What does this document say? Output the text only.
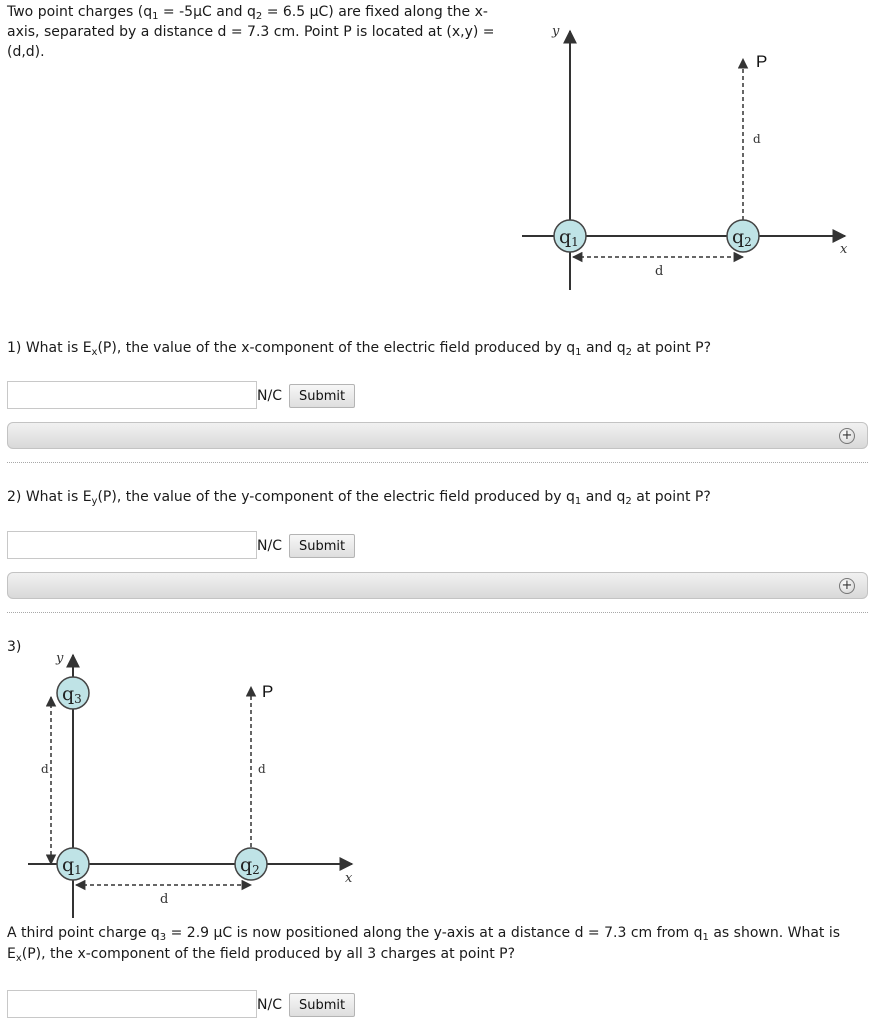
Two point charges ($q_1 = -5\mu C$ and $q_2 = 6.5$ μC) are fixed along the x-
axis, separated by a distance d = 7.3 cm. Point P is located at (x,y) =
(d,d).
y
x
P
d
d
q1	q2
1) What is $E_x(P)$, the value of the x-component of the electric field produced by $q_1$ and $q_2$ at point P?
N/C	Submit
+
2) What is $E_y(P)$, the value of the y-component of the electric field produced by $q_1$ and $q_2$ at point P?
N/C	Submit
+
3)
y
x
d
P
d
d
q3
q1	q2
A third point charge $q_3 = 2.9$ μC is now positioned along the y-axis at a distance d = 7.3 cm from $q_1$ as shown. What is
$E_x(P)$, the x-component of the field produced by all 3 charges at point P?
N/C	Submit
